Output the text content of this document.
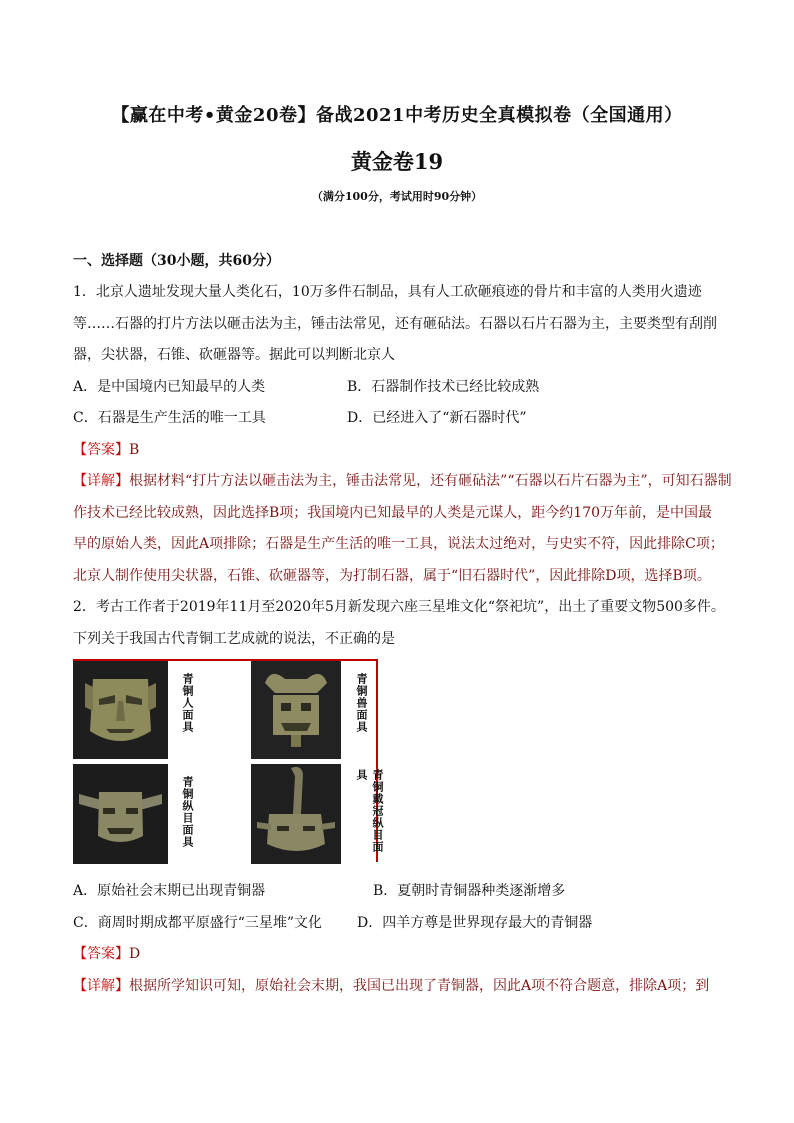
【赢在中考•黄金20卷】备战2021中考历史全真模拟卷（全国通用）
黄金卷19
（满分100分，考试用时90分钟）
一、选择题（30小题，共60分）
1．北京人遗址发现大量人类化石，10万多件石制品，具有人工砍砸痕迹的骨片和丰富的人类用火遗迹
等……石器的打片方法以砸击法为主，锤击法常见，还有砸砧法。石器以石片石器为主，主要类型有刮削
器，尖状器，石锥、砍砸器等。据此可以判断北京人
A．是中国境内已知最早的人类	B．石器制作技术已经比较成熟
C．石器是生产生活的唯一工具	D．已经进入了“新石器时代”
【答案】B
【详解】根据材料“打片方法以砸击法为主，锤击法常见，还有砸砧法”“石器以石片石器为主”，可知石器制
作技术已经比较成熟，因此选择B项；我国境内已知最早的人类是元谋人，距今约170万年前，是中国最
早的原始人类，因此A项排除；石器是生产生活的唯一工具，说法太过绝对，与史实不符，因此排除C项；
北京人制作使用尖状器，石锥、砍砸器等，为打制石器，属于“旧石器时代”，因此排除D项，选择B项。
2．考古工作者于2019年11月至2020年5月新发现六座三星堆文化“祭祀坑”，出土了重要文物500多件。
下列关于我国古代青铜工艺成就的说法，不正确的是
青铜人面具	青铜兽面具
青铜纵目面具	青铜戴冠纵目面具
A．原始社会末期已出现青铜器	B．夏朝时青铜器种类逐渐增多
C．商周时期成都平原盛行“三星堆”文化 D．四羊方尊是世界现存最大的青铜器
【答案】D
【详解】根据所学知识可知，原始社会末期，我国已出现了青铜器，因此A项不符合题意，排除A项；到
